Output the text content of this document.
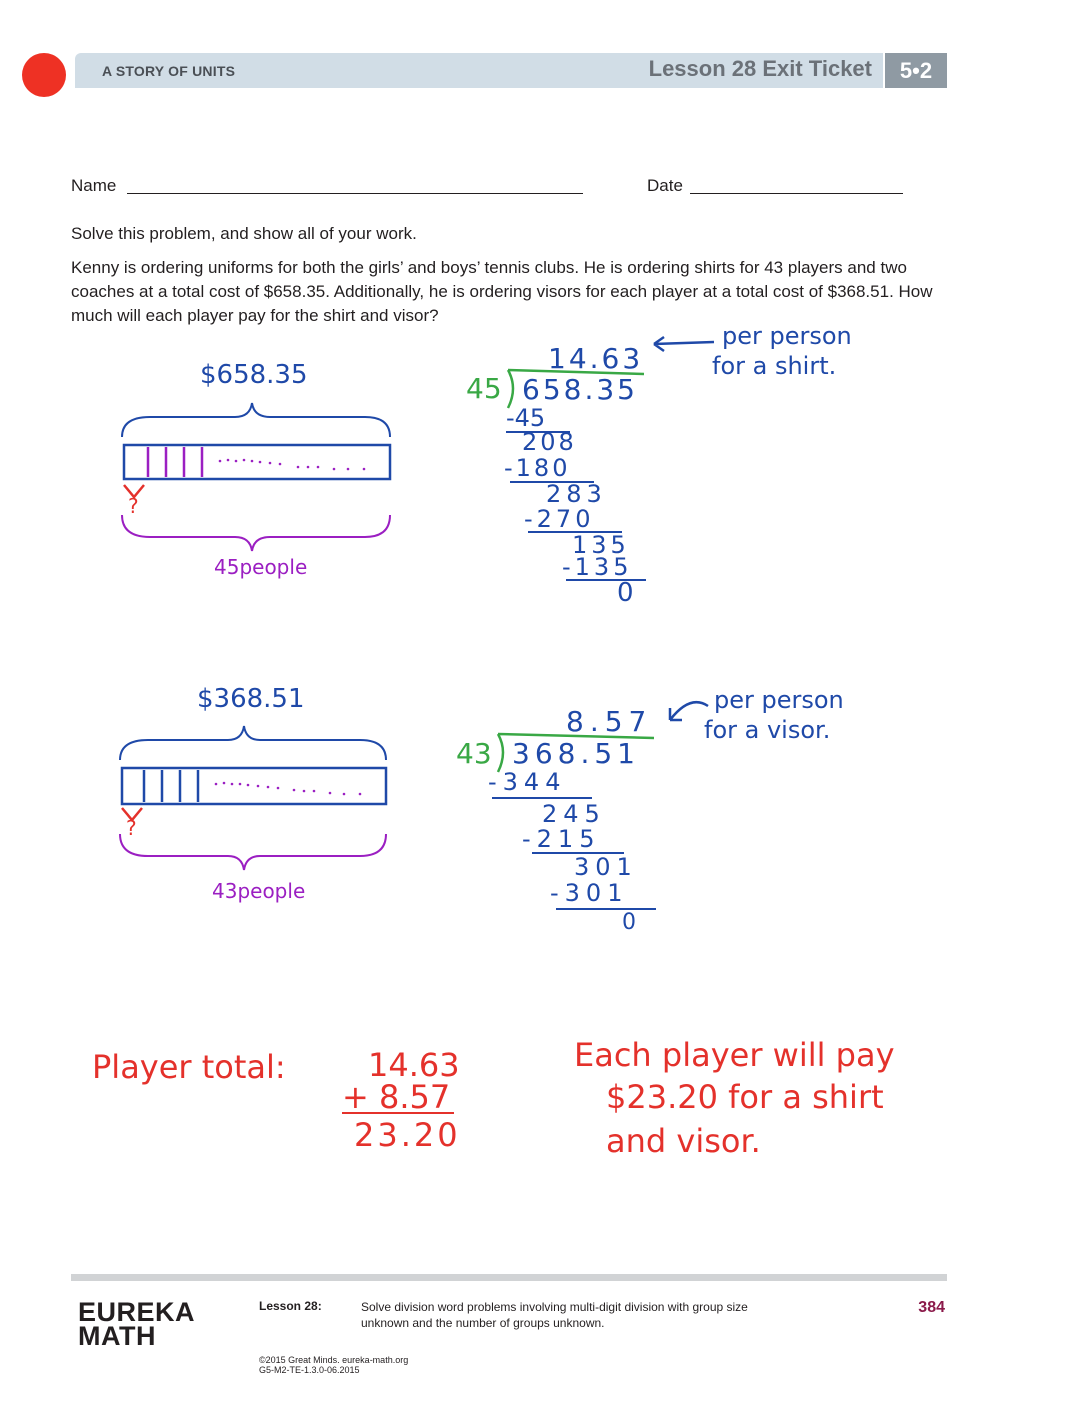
A STORY OF UNITS	Lesson 28 Exit Ticket	5•2
Name	Date
Solve this problem, and show all of your work.
Kenny is ordering uniforms for both the girls’ and boys’ tennis clubs. He is ordering shirts for 43 players and two coaches at a total cost of $658.35. Additionally, he is ordering visors for each player at a total cost of $368.51. How much will each player pay for the shirt and visor?
$658.35
?
45people
14.63
45 658.35
-45
208
-180
283
-270
135
-135
0
per person
for a shirt.
$368.51
?
43people
8.57
43 368.51
-344
245
-215
301
-301
0
per person
for a visor.
Player total:	14.63
+ 8.57
23.20
Each player will pay
$23.20 for a shirt
and visor.
EUREKA
MATH
Lesson 28:	Solve division word problems involving multi-digit division with group size unknown and the number of groups unknown.
384
©2015 Great Minds. eureka-math.org
G5-M2-TE-1.3.0-06.2015
